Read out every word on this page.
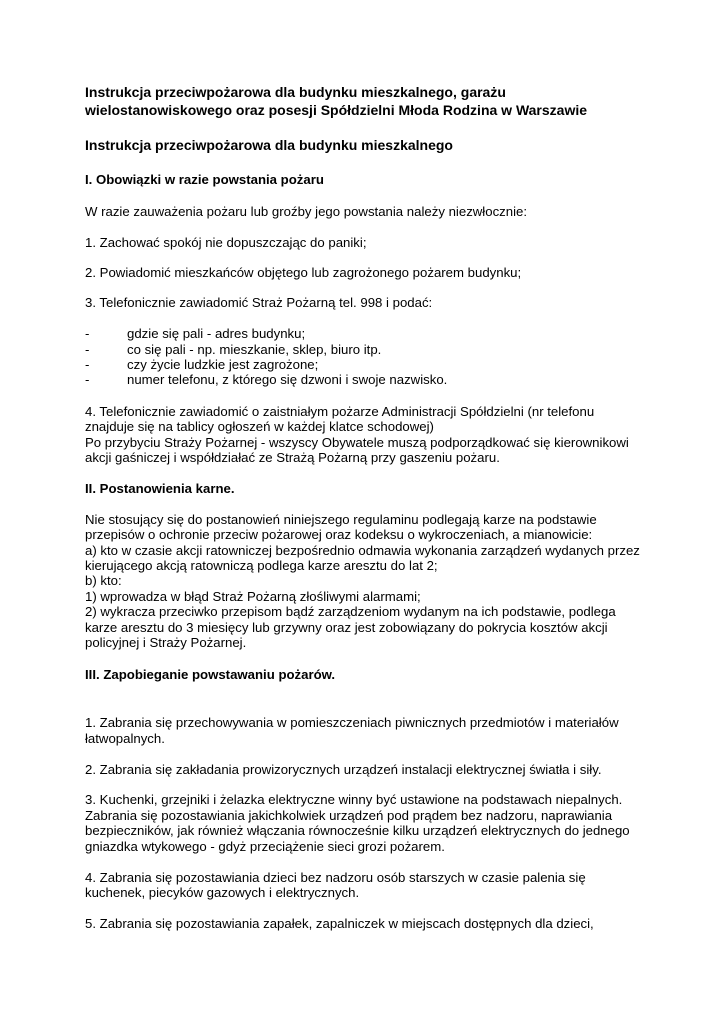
Instrukcja przeciwpożarowa dla budynku mieszkalnego, garażu
wielostanowiskowego oraz posesji Spółdzielni Młoda Rodzina w Warszawie
Instrukcja przeciwpożarowa dla budynku mieszkalnego
I. Obowiązki w razie powstania pożaru
W razie zauważenia pożaru lub groźby jego powstania należy niezwłocznie:
1. Zachować spokój nie dopuszczając do paniki;
2. Powiadomić mieszkańców objętego lub zagrożonego pożarem budynku;
3. Telefonicznie zawiadomić Straż Pożarną tel. 998 i podać:
-	gdzie się pali - adres budynku;
-	co się pali - np. mieszkanie, sklep, biuro itp.
-	czy życie ludzkie jest zagrożone;
-	numer telefonu, z którego się dzwoni i swoje nazwisko.
4. Telefonicznie zawiadomić o zaistniałym pożarze Administracji Spółdzielni (nr telefonu
znajduje się na tablicy ogłoszeń w każdej klatce schodowej)
Po przybyciu Straży Pożarnej - wszyscy Obywatele muszą podporządkować się kierownikowi
akcji gaśniczej i współdziałać ze Strażą Pożarną przy gaszeniu pożaru.
II. Postanowienia karne.
Nie stosujący się do postanowień niniejszego regulaminu podlegają karze na podstawie
przepisów o ochronie przeciw pożarowej oraz kodeksu o wykroczeniach, a mianowicie:
a) kto w czasie akcji ratowniczej bezpośrednio odmawia wykonania zarządzeń wydanych przez
kierującego akcją ratowniczą podlega karze aresztu do lat 2;
b) kto:
1) wprowadza w błąd Straż Pożarną złośliwymi alarmami;
2) wykracza przeciwko przepisom bądź zarządzeniom wydanym na ich podstawie, podlega
karze aresztu do 3 miesięcy lub grzywny oraz jest zobowiązany do pokrycia kosztów akcji
policyjnej i Straży Pożarnej.
III. Zapobieganie powstawaniu pożarów.
1. Zabrania się przechowywania w pomieszczeniach piwnicznych przedmiotów i materiałów
łatwopalnych.
2. Zabrania się zakładania prowizorycznych urządzeń instalacji elektrycznej światła i siły.
3. Kuchenki, grzejniki i żelazka elektryczne winny być ustawione na podstawach niepalnych.
Zabrania się pozostawiania jakichkolwiek urządzeń pod prądem bez nadzoru, naprawiania
bezpieczników, jak również włączania równocześnie kilku urządzeń elektrycznych do jednego
gniazdka wtykowego - gdyż przeciążenie sieci grozi pożarem.
4. Zabrania się pozostawiania dzieci bez nadzoru osób starszych w czasie palenia się
kuchenek, piecyków gazowych i elektrycznych.
5. Zabrania się pozostawiania zapałek, zapalniczek w miejscach dostępnych dla dzieci,
